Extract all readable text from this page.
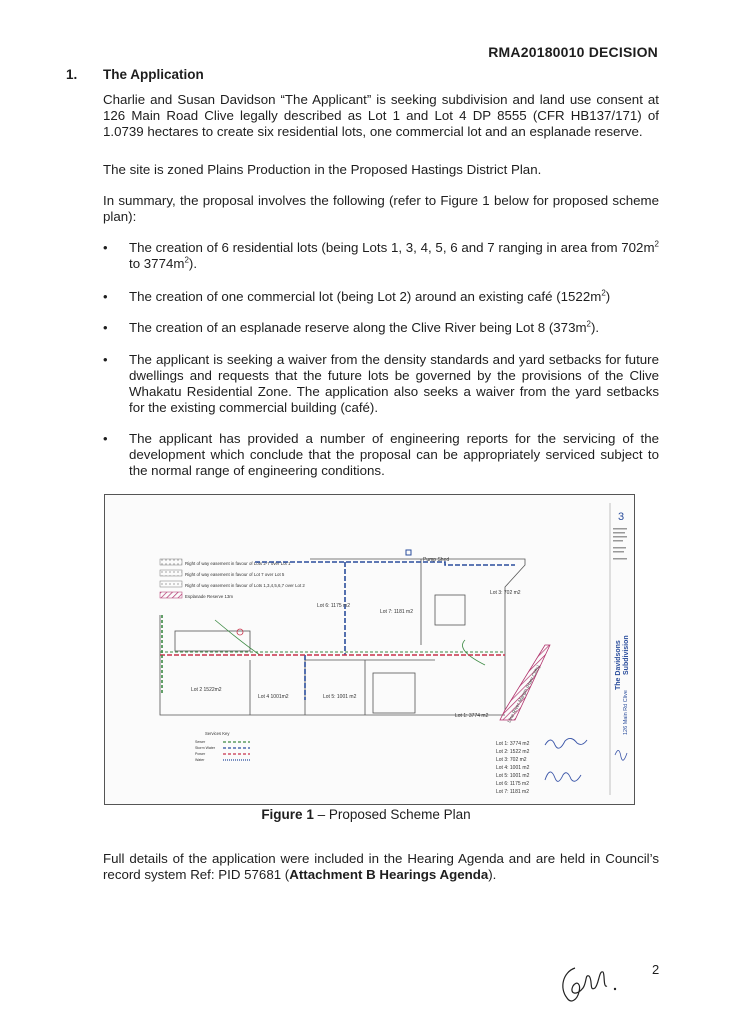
RMA20180010 DECISION
1. The Application

Charlie and Susan Davidson “The Applicant” is seeking subdivision and land use consent at 126 Main Road Clive legally described as Lot 1 and Lot 4 DP 8555 (CFR HB137/171) of 1.0739 hectares to create six residential lots, one commercial lot and an esplanade reserve.

The site is zoned Plains Production in the Proposed Hastings District Plan.

In summary, the proposal involves the following (refer to Figure 1 below for proposed scheme plan):

• The creation of 6 residential lots (being Lots 1, 3, 4, 5, 6 and 7 ranging in area from $702m^2$ to $3774m^2$).

• The creation of one commercial lot (being Lot 2) around an existing café $(1522m^2)$

• The creation of an esplanade reserve along the Clive River being Lot 8 $(373m^2)$.

• The applicant is seeking a waiver from the density standards and yard setbacks for future dwellings and requests that the future lots be governed by the provisions of the Clive Whakatu Residential Zone. The application also seeks a waiver from the yard setbacks for the existing commercial building (café).

• The applicant has provided a number of engineering reports for the servicing of the development which conclude that the proposal can be appropriately serviced subject to the normal range of engineering conditions.

Right of way easement in favour of Lots 2-7 over Lot 1
Right of way easement in favour of Lot 7 over Lot 5
Right of way easement in favour of Lots 1,3,4,5,6,7 over Lot 2
Esplanade Reserve 13m
Lot 6: 1175 m2
Lot 7: 1181 m2
Lot 3: 702 m2
Lot 2 1522m2
Lot 4 1001m2	Lot 5: 1001 m2
Lot 1: 3774 m2
Pump Shed
Line River Margin (Ham Cliffs)
Services Key
Sewer
Storm Water
Power
Water
Lot 1: 3774 m2
Lot 2: 1522 m2
Lot 3: 702 m2
Lot 4: 1001 m2
Lot 5: 1001 m2
Lot 6: 1175 m2
Lot 7: 1181 m2
3
The Davidsons Subdivision
126 Main Rd Clive
Figure 1 – Proposed Scheme Plan

Full details of the application were included in the Hearing Agenda and are held in Council’s record system Ref: PID 57681 (Attachment B Hearings Agenda).

2
